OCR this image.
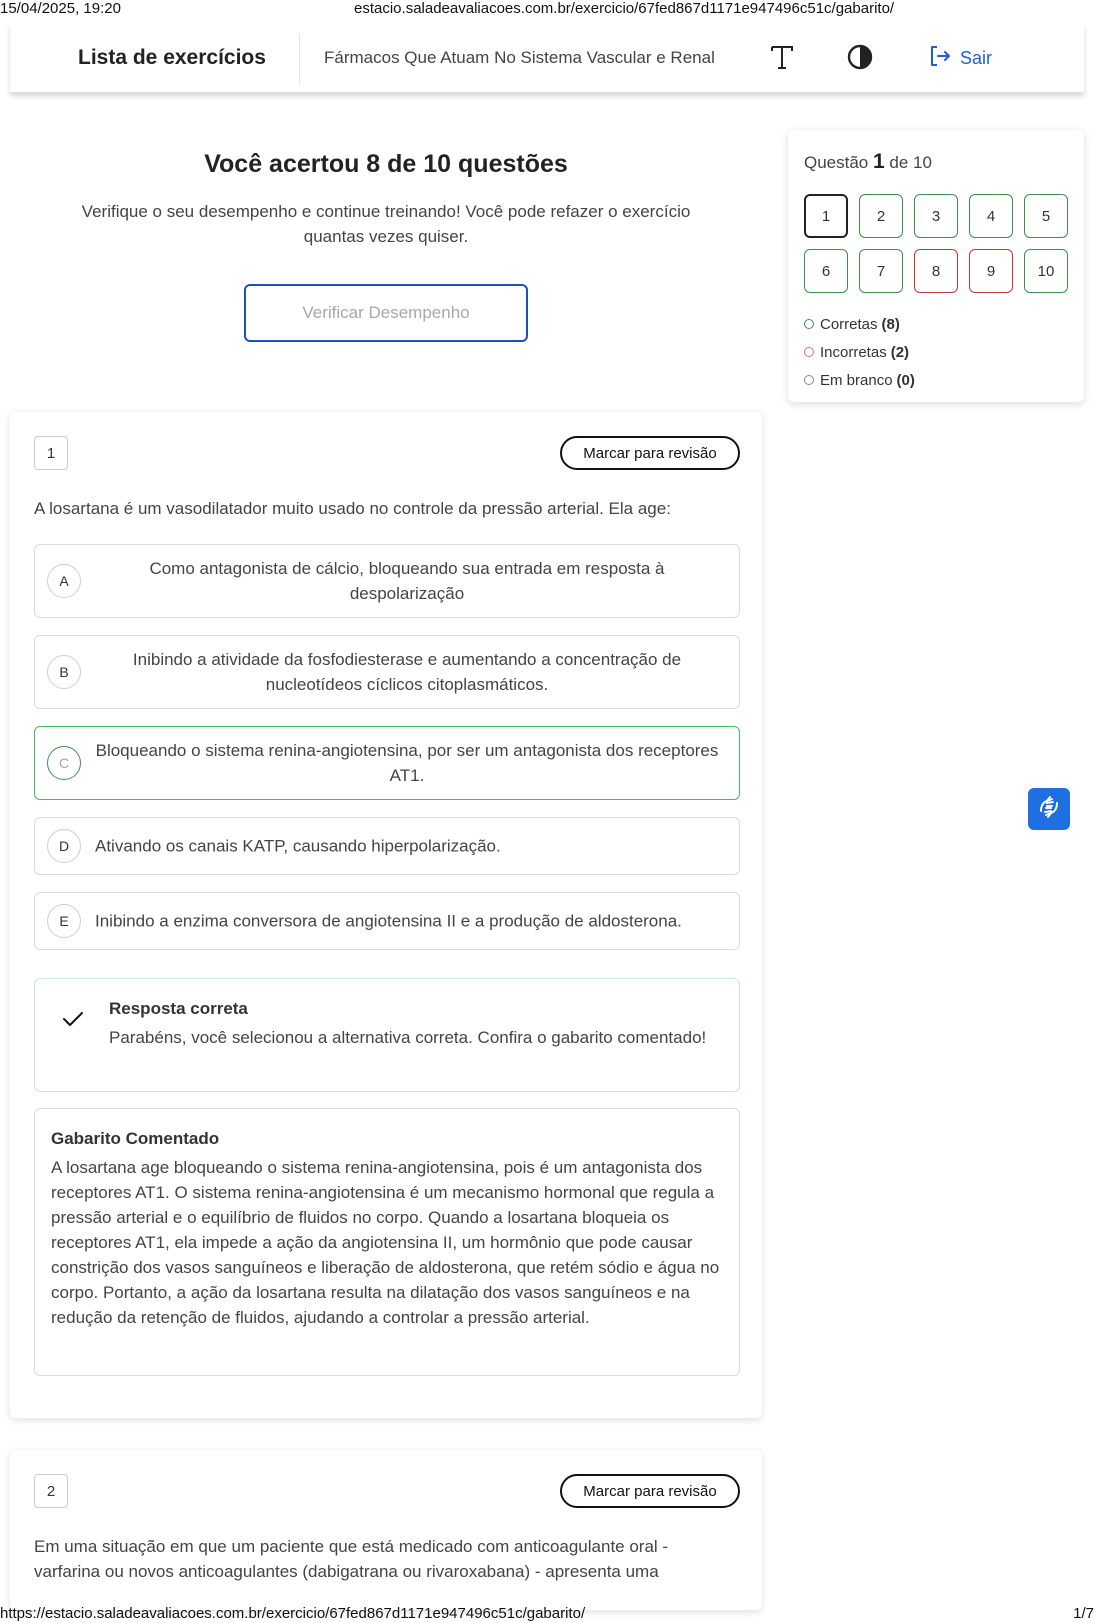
15/04/2025, 19:20	estacio.saladeavaliacoes.com.br/exercicio/67fed867d1171e947496c51c/gabarito/
Lista de exercícios	Fármacos Que Atuam No Sistema Vascular e Renal	Sair
Você acertou 8 de 10 questões
Verifique o seu desempenho e continue treinando! Você pode refazer o exercício quantas vezes quiser.
Verificar Desempenho
Questão 1 de 10
1	2	3	4	5
6	7	8	9	10
Corretas (8)
Incorretas (2)
Em branco (0)
1	Marcar para revisão
A losartana é um vasodilatador muito usado no controle da pressão arterial. Ela age:
A
Como antagonista de cálcio, bloqueando sua entrada em resposta à despolarização
B
Inibindo a atividade da fosfodiesterase e aumentando a concentração de nucleotídeos cíclicos citoplasmáticos.
C
Bloqueando o sistema renina-angiotensina, por ser um antagonista dos receptores AT1.
D	Ativando os canais KATP, causando hiperpolarização.
E	Inibindo a enzima conversora de angiotensina II e a produção de aldosterona.
Resposta correta
Parabéns, você selecionou a alternativa correta. Confira o gabarito comentado!
Gabarito Comentado
A losartana age bloqueando o sistema renina-angiotensina, pois é um antagonista dos receptores AT1. O sistema renina-angiotensina é um mecanismo hormonal que regula a pressão arterial e o equilíbrio de fluidos no corpo. Quando a losartana bloqueia os receptores AT1, ela impede a ação da angiotensina II, um hormônio que pode causar constrição dos vasos sanguíneos e liberação de aldosterona, que retém sódio e água no corpo. Portanto, a ação da losartana resulta na dilatação dos vasos sanguíneos e na redução da retenção de fluidos, ajudando a controlar a pressão arterial.
2	Marcar para revisão
Em uma situação em que um paciente que está medicado com anticoagulante oral - varfarina ou novos anticoagulantes (dabigatrana ou rivaroxabana) - apresenta uma
https://estacio.saladeavaliacoes.com.br/exercicio/67fed867d1171e947496c51c/gabarito/	1/7
